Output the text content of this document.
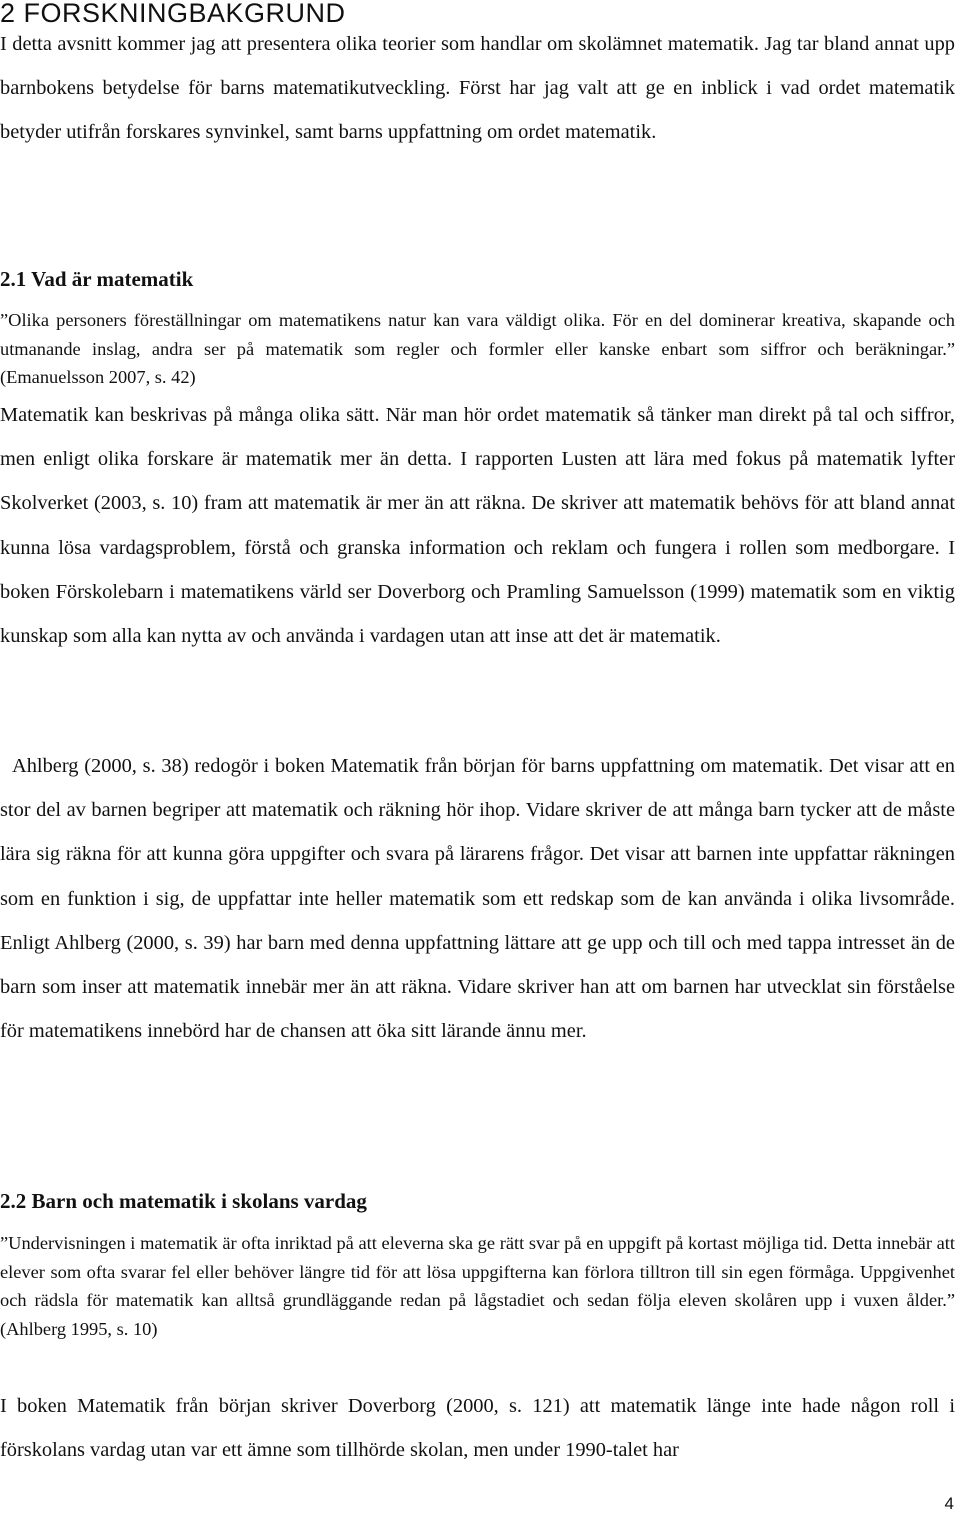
2 FORSKNINGBAKGRUND

I detta avsnitt kommer jag att presentera olika teorier som handlar om skolämnet matematik. Jag tar bland annat upp barnbokens betydelse för barns matematikutveckling. Först har jag valt att ge en inblick i vad ordet matematik betyder utifrån forskares synvinkel, samt barns uppfattning om ordet matematik.

2.1 Vad är matematik

”Olika personers föreställningar om matematikens natur kan vara väldigt olika. För en del dominerar kreativa, skapande och utmanande inslag, andra ser på matematik som regler och formler eller kanske enbart som siffror och beräkningar.” (Emanuelsson 2007, s. 42)

Matematik kan beskrivas på många olika sätt. När man hör ordet matematik så tänker man direkt på tal och siffror, men enligt olika forskare är matematik mer än detta. I rapporten Lusten att lära med fokus på matematik lyfter Skolverket (2003, s. 10) fram att matematik är mer än att räkna. De skriver att matematik behövs för att bland annat kunna lösa vardagsproblem, förstå och granska information och reklam och fungera i rollen som medborgare. I boken Förskolebarn i matematikens värld ser Doverborg och Pramling Samuelsson (1999) matematik som en viktig kunskap som alla kan nytta av och använda i vardagen utan att inse att det är matematik.

Ahlberg (2000, s. 38) redogör i boken Matematik från början för barns uppfattning om matematik. Det visar att en stor del av barnen begriper att matematik och räkning hör ihop. Vidare skriver de att många barn tycker att de måste lära sig räkna för att kunna göra uppgifter och svara på lärarens frågor. Det visar att barnen inte uppfattar räkningen som en funktion i sig, de uppfattar inte heller matematik som ett redskap som de kan använda i olika livsområde. Enligt Ahlberg (2000, s. 39) har barn med denna uppfattning lättare att ge upp och till och med tappa intresset än de barn som inser att matematik innebär mer än att räkna. Vidare skriver han att om barnen har utvecklat sin förståelse för matematikens innebörd har de chansen att öka sitt lärande ännu mer.

2.2 Barn och matematik i skolans vardag

”Undervisningen i matematik är ofta inriktad på att eleverna ska ge rätt svar på en uppgift på kortast möjliga tid. Detta innebär att elever som ofta svarar fel eller behöver längre tid för att lösa uppgifterna kan förlora tilltron till sin egen förmåga. Uppgivenhet och rädsla för matematik kan alltså grundläggande redan på lågstadiet och sedan följa eleven skolåren upp i vuxen ålder.” (Ahlberg 1995, s. 10)

I boken Matematik från början skriver Doverborg (2000, s. 121) att matematik länge inte hade någon roll i förskolans vardag utan var ett ämne som tillhörde skolan, men under 1990-talet har

4
